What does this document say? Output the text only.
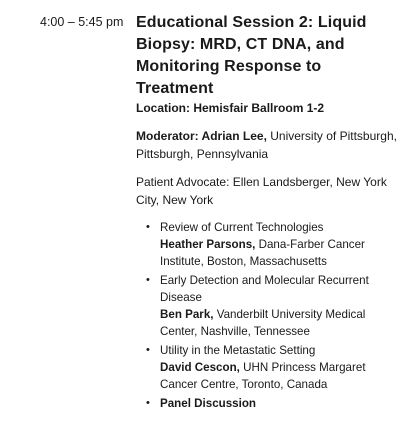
4:00 – 5:45 pm Educational Session 2: Liquid Biopsy: MRD, CT DNA, and Monitoring Response to Treatment

Location: Hemisfair Ballroom 1-2

Moderator: Adrian Lee, University of Pittsburgh, Pittsburgh, Pennsylvania

Patient Advocate: Ellen Landsberger, New York City, New York

• Review of Current Technologies
Heather Parsons, Dana-Farber Cancer Institute, Boston, Massachusetts
• Early Detection and Molecular Recurrent Disease
Ben Park, Vanderbilt University Medical Center, Nashville, Tennessee
• Utility in the Metastatic Setting
David Cescon, UHN Princess Margaret Cancer Centre, Toronto, Canada
• Panel Discussion
